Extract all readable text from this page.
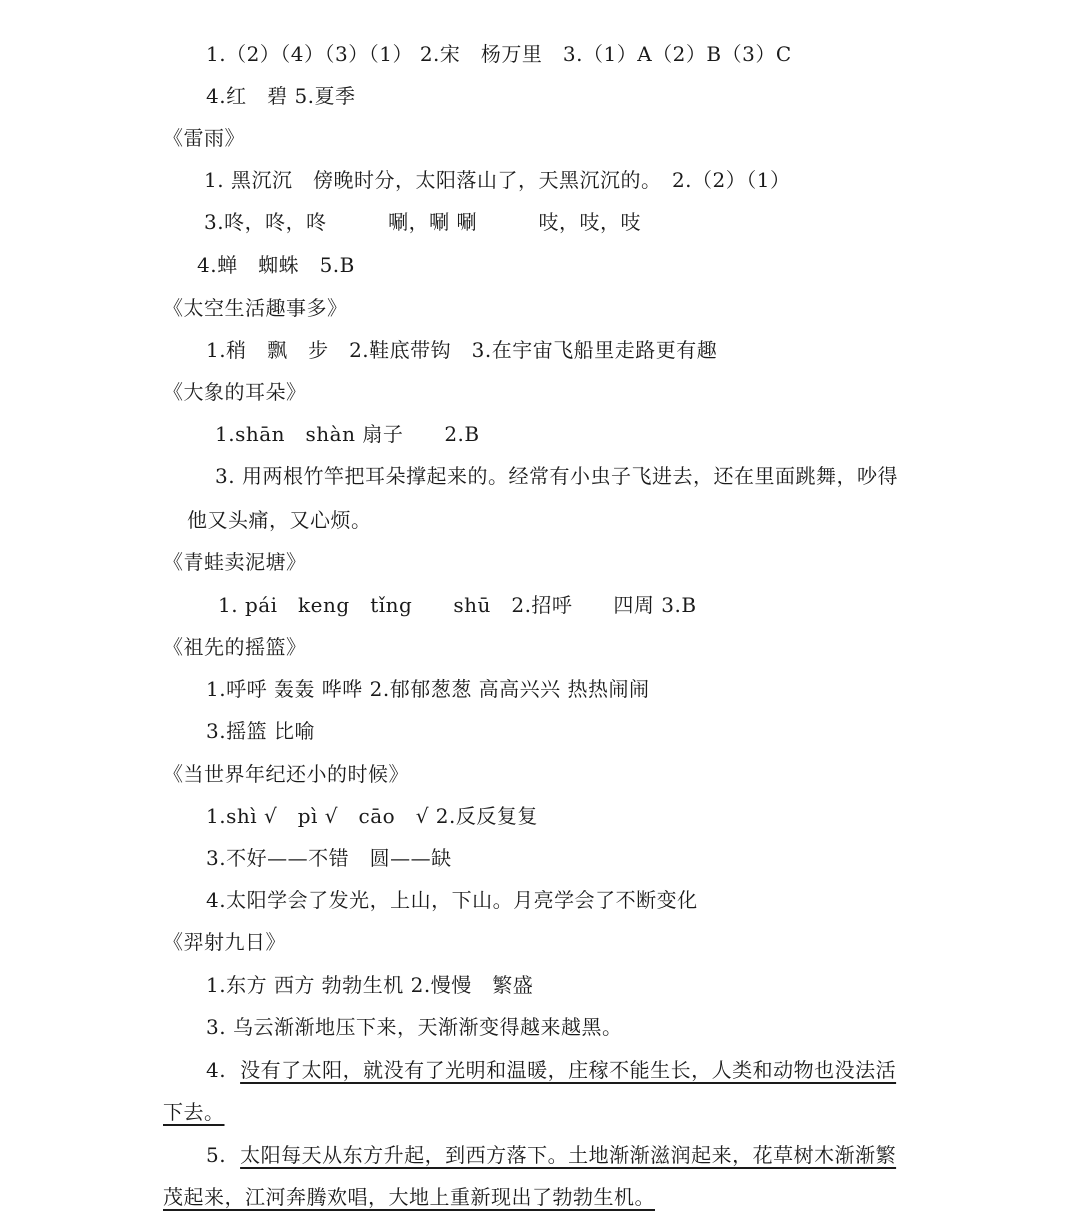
1.（2）（4）（3）（1） 2.宋　杨万里　3.（1）A（2）B（3）C
4.红　碧 5.夏季
《雷雨》
1. 黑沉沉　傍晚时分，太阳落山了，天黑沉沉的。　2.（2）（1）
3.咚，咚，咚　　　唰，唰 唰　　　吱，吱，吱
4.蝉　蜘蛛　5.B
《太空生活趣事多》
1.稍　飘　步　2.鞋底带钩　3.在宇宙飞船里走路更有趣
《大象的耳朵》
1.shān　shàn 扇子　　2.B
3. 用两根竹竿把耳朵撑起来的。经常有小虫子飞进去，还在里面跳舞，吵得
他又头痛，又心烦。
《青蛙卖泥塘》
1. pái　keng　tǐng　　shū　2.招呼　　四周 3.B
《祖先的摇篮》
1.呼呼 轰轰 哗哗 2.郁郁葱葱 高高兴兴 热热闹闹
3.摇篮 比喻
《当世界年纪还小的时候》
1.shì √　pì √　cāo　√ 2.反反复复
3.不好——不错　圆——缺
4.太阳学会了发光，上山，下山。月亮学会了不断变化
《羿射九日》
1.东方 西方 勃勃生机 2.慢慢　繁盛
3. 乌云渐渐地压下来，天渐渐变得越来越黑。
4. 没有了太阳，就没有了光明和温暖，庄稼不能生长，人类和动物也没法活
下去。
5. 太阳每天从东方升起，到西方落下。土地渐渐滋润起来，花草树木渐渐繁
茂起来，江河奔腾欢唱，大地上重新现出了勃勃生机。
